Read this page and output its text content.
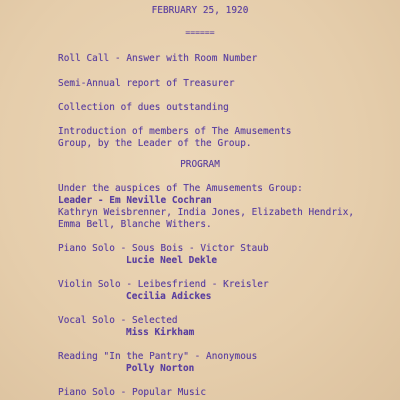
FEBRUARY 25, 1920
======
Roll Call - Answer with Room Number
Semi-Annual report of Treasurer
Collection of dues outstanding
Introduction of members of The Amusements
Group, by the Leader of the Group.
PROGRAM
Under the auspices of The Amusements Group:
Leader - Em Neville Cochran
Kathryn Weisbrenner, India Jones, Elizabeth Hendrix,
Emma Bell, Blanche Withers.
Piano Solo - Sous Bois - Victor Staub
Lucie Neel Dekle
Violin Solo - Leibesfriend - Kreisler
Cecilia Adickes
Vocal Solo - Selected
Miss Kirkham
Reading "In the Pantry" - Anonymous
Polly Norton
Piano Solo - Popular Music
